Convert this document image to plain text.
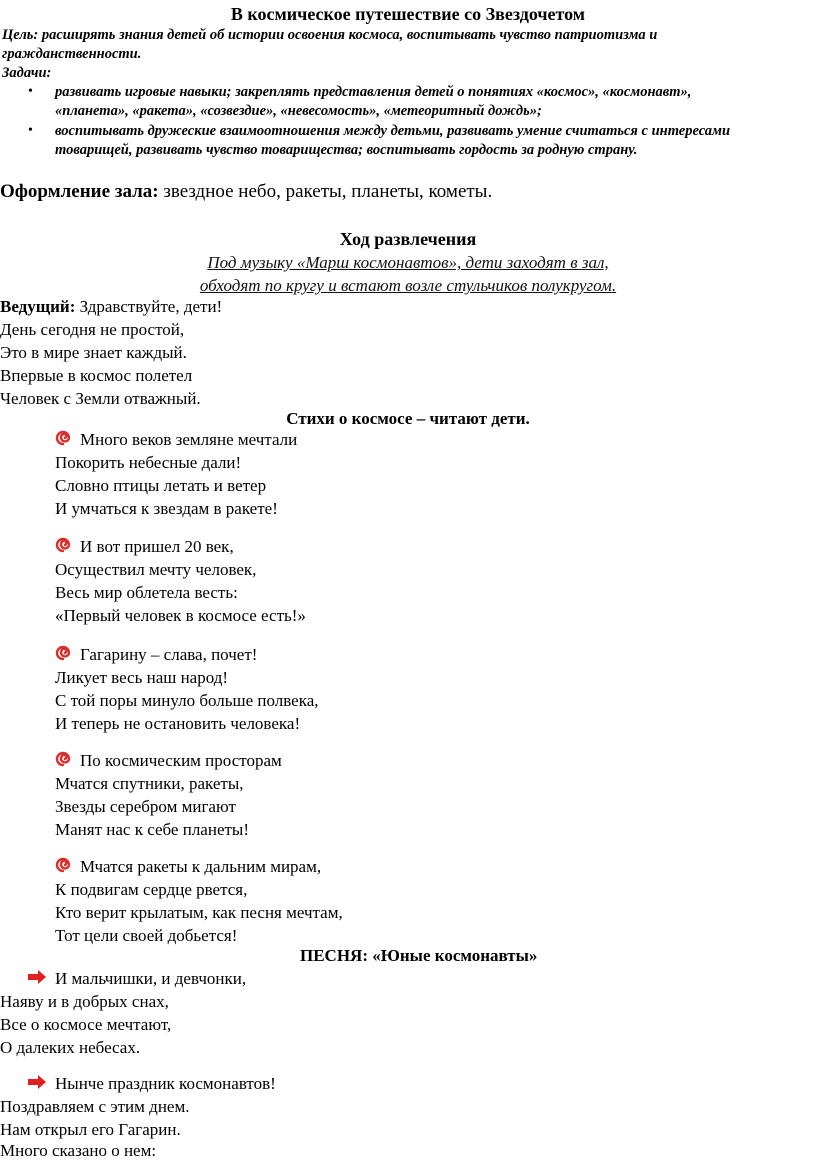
В космическое путешествие со Звездочетом
Цель: расширять знания детей об истории освоения космоса, воспитывать чувство патриотизма и
гражданственности.
Задачи:
развивать игровые навыки; закреплять представления детей о понятиях «космос», «космонавт»,
•
«планета», «ракета», «созвездие», «невесомость», «метеоритный дождь»;
• воспитывать дружеские взаимоотношения между детьми, развивать умение считаться с интересами
товарищей, развивать чувство товарищества; воспитывать гордость за родную страну.
Оформление зала: звездное небо, ракеты, планеты, кометы.
Ход развлечения
Под музыку «Марш космонавтов», дети заходят в зал,
обходят по кругу и встают возле стульчиков полукругом.
Ведущий: Здравствуйте, дети!
День сегодня не простой,
Это в мире знает каждый.
Впервые в космос полетел
Человек с Земли отважный.
Стихи о космосе – читают дети.
Много веков земляне мечтали
Покорить небесные дали!
Словно птицы летать и ветер
И умчаться к звездам в ракете!
И вот пришел 20 век,
Осуществил мечту человек,
Весь мир облетела весть:
«Первый человек в космосе есть!»
Гагарину – слава, почет!
Ликует весь наш народ!
С той поры минуло больше полвека,
И теперь не остановить человека!
По космическим просторам
Мчатся спутники, ракеты,
Звезды серебром мигают
Манят нас к себе планеты!
Мчатся ракеты к дальним мирам,
К подвигам сердце рвется,
Кто верит крылатым, как песня мечтам,
Тот цели своей добьется!
ПЕСНЯ: «Юные космонавты»
И мальчишки, и девчонки,
Наяву и в добрых снах,
Все о космосе мечтают,
О далеких небесах.
Нынче праздник космонавтов!
Поздравляем с этим днем.
Нам открыл его Гагарин.
Много сказано о нем:
